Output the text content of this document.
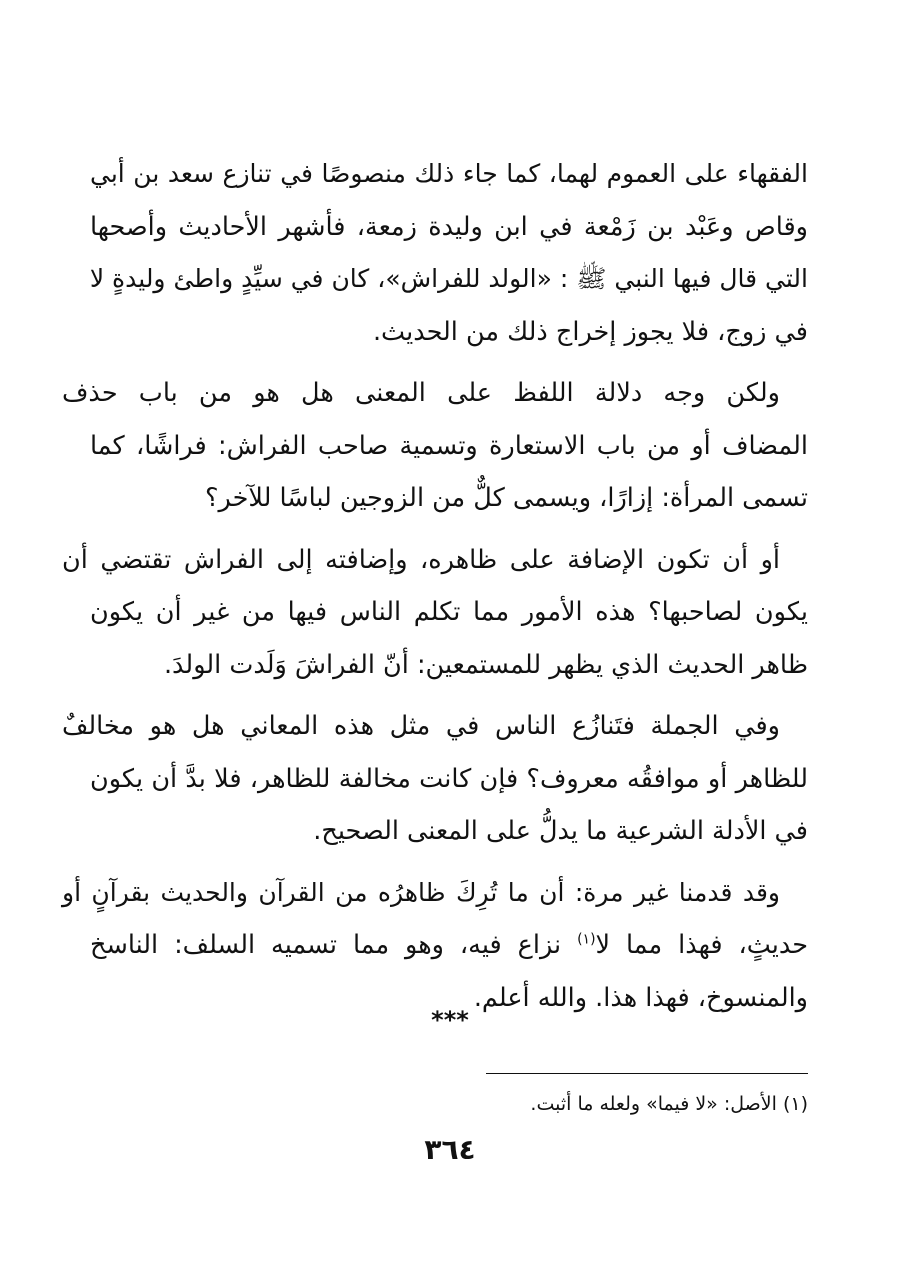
الفقهاء على العموم لهما، كما جاء ذلك منصوصًا في تنازع سعد بن أبي
وقاص وعَبْد بن زَمْعة في ابن وليدة زمعة، فأشهر الأحاديث وأصحها
التي قال فيها النبي ﷺ : «الولد للفراش»، كان في سيِّدٍ واطئ وليدةٍ لا
في زوج، فلا يجوز إخراج ذلك من الحديث.
ولكن وجه دلالة اللفظ على المعنى هل هو من باب حذف
المضاف أو من باب الاستعارة وتسمية صاحب الفراش: فراشًا، كما
تسمى المرأة: إزارًا، ويسمى كلٌّ من الزوجين لباسًا للآخر؟
أو أن تكون الإضافة على ظاهره، وإضافته إلى الفراش تقتضي أن
يكون لصاحبها؟ هذه الأمور مما تكلم الناس فيها من غير أن يكون
ظاهر الحديث الذي يظهر للمستمعين: أنّ الفراشَ وَلَدت الولدَ.
وفي الجملة فتَنازُع الناس في مثل هذه المعاني هل هو مخالفٌ
للظاهر أو موافقُه معروف؟ فإن كانت مخالفة للظاهر، فلا بدَّ أن يكون
في الأدلة الشرعية ما يدلُّ على المعنى الصحيح.
وقد قدمنا غير مرة: أن ما تُرِكَ ظاهرُه من القرآن والحديث بقرآنٍ أو
حديثٍ، فهذا مما لا$^{(١)}$ نزاع فيه، وهو مما تسميه السلف: الناسخ
والمنسوخ، فهذا هذا. والله أعلم.
***
(١) الأصل: «لا فيما» ولعله ما أثبت.
٣٦٤
